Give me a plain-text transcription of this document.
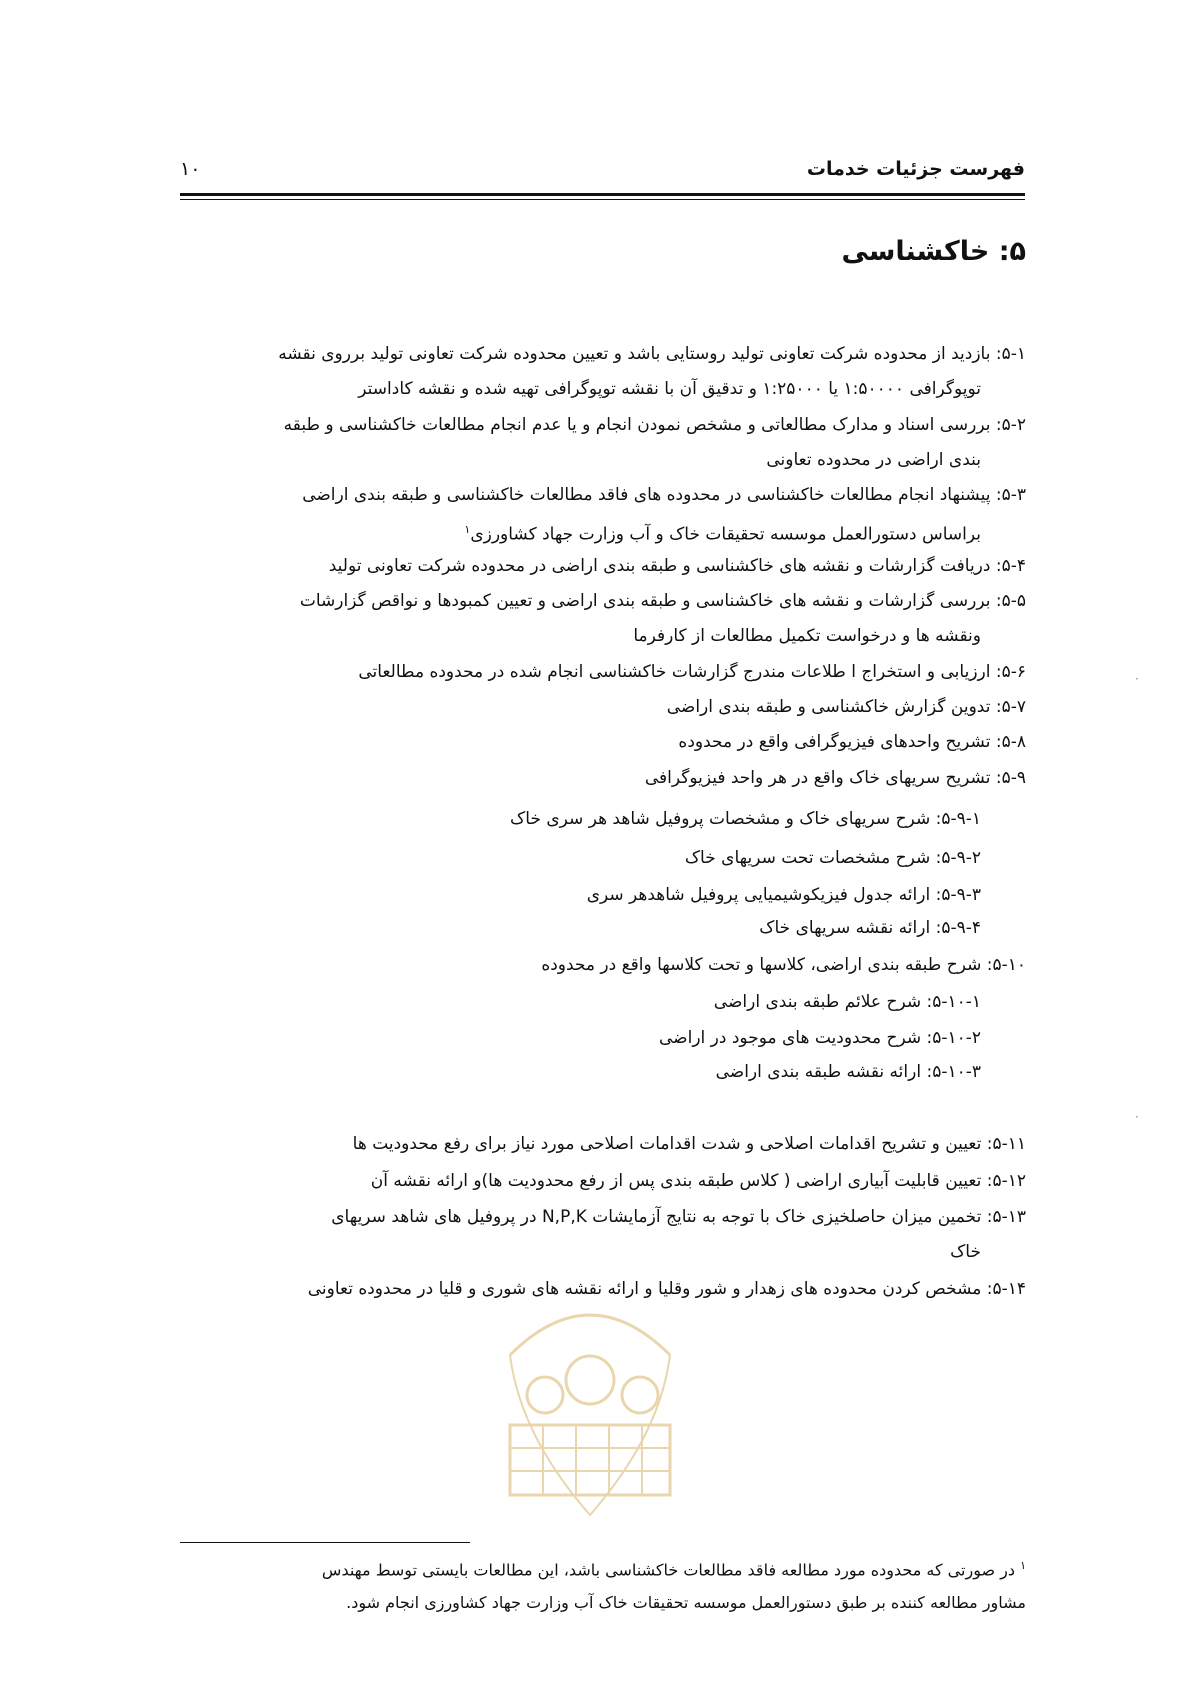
فهرست جزئیات خدمات
۱۰
۵: خاکشناسی
۵-۱: بازدید از محدوده شرکت تعاونی تولید روستایی باشد و تعیین محدوده شرکت تعاونی تولید برروی نقشه
توپوگرافی ۱:۵۰۰۰۰ یا ۱:۲۵۰۰۰ و تدقیق آن با نقشه توپوگرافی تهیه شده و نقشه کاداستر
۵-۲: بررسی اسناد و مدارک مطالعاتی و مشخص نمودن انجام و یا عدم انجام مطالعات خاکشناسی و طبقه
بندی اراضی در محدوده تعاونی
۵-۳: پیشنهاد انجام مطالعات خاکشناسی در محدوده های فاقد مطالعات خاکشناسی و طبقه بندی اراضی
براساس دستورالعمل موسسه تحقیقات خاک و آب وزارت جهاد کشاورزی$^۱$
۵-۴: دریافت گزارشات و نقشه های خاکشناسی و طبقه بندی اراضی در محدوده شرکت تعاونی تولید
۵-۵: بررسی گزارشات و نقشه های خاکشناسی و طبقه بندی اراضی و تعیین کمبودها و نواقص گزارشات
ونقشه ها و درخواست تکمیل مطالعات از کارفرما
۵-۶: ارزیابی و استخراج ا طلاعات مندرج گزارشات خاکشناسی انجام شده در محدوده مطالعاتی
۵-۷: تدوین گزارش خاکشناسی و طبقه بندی اراضی
۵-۸: تشریح واحدهای فیزیوگرافی واقع در محدوده
۵-۹: تشریح سریهای خاک واقع در هر واحد فیزیوگرافی
۵-۹-۱: شرح سریهای خاک و مشخصات پروفیل شاهد هر سری خاک
۵-۹-۲: شرح مشخصات تحت سریهای خاک
۵-۹-۳: ارائه جدول فیزیکوشیمیایی پروفیل شاهدهر سری
۵-۹-۴: ارائه نقشه سریهای خاک
۵-۱۰: شرح طبقه بندی اراضی، کلاسها و تحت کلاسها واقع در محدوده
۵-۱۰-۱: شرح علائم طبقه بندی اراضی
۵-۱۰-۲: شرح محدودیت های موجود در اراضی
۵-۱۰-۳: ارائه نقشه طبقه بندی اراضی
۵-۱۱: تعیین و تشریح اقدامات اصلاحی و شدت اقدامات اصلاحی مورد نیاز برای رفع محدودیت ها
۵-۱۲: تعیین قابلیت آبیاری اراضی ( کلاس طبقه بندی پس از رفع محدودیت ها)و ارائه نقشه آن
۵-۱۳: تخمین میزان حاصلخیزی خاک با توجه به نتایج آزمایشات N,P,K در پروفیل های شاهد سریهای
خاک
۵-۱۴: مشخص کردن محدوده های زهدار و شور وقلیا و ارائه نقشه های شوری و قلیا در محدوده تعاونی
$^۱$ در صورتی که محدوده مورد مطالعه فاقد مطالعات خاکشناسی باشد، این مطالعات بایستی توسط مهندس
مشاور مطالعه کننده بر طبق دستورالعمل موسسه تحقیقات خاک آب وزارت جهاد کشاورزی انجام شود.
·
·
